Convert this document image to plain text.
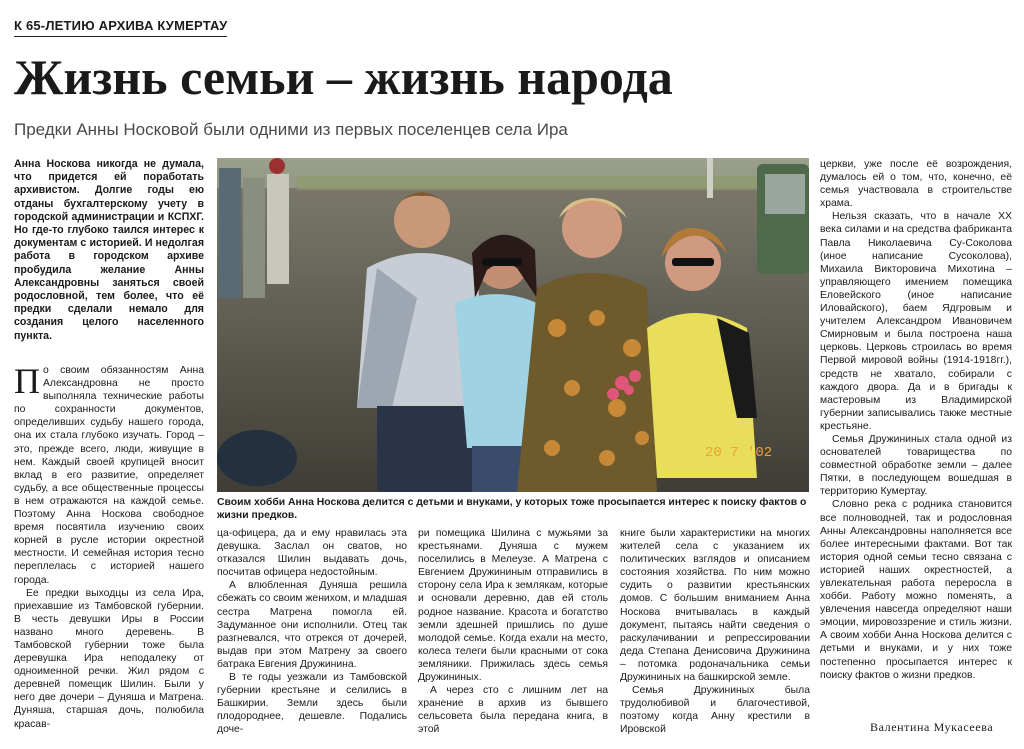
К 65-ЛЕТИЮ АРХИВА КУМЕРТАУ
Жизнь семьи – жизнь народа
Предки Анны Носковой были одними из первых поселенцев села Ира

Анна Носкова никогда не думала, что придется ей поработать архивистом. Долгие годы ею отданы бухгалтерскому учету в городской администрации и КСПХГ. Но где-то глубоко таился интерес к документам с историей. И недолгая работа в городском архиве пробудила желание Анны Александровны заняться своей родословной, тем более, что её предки сделали немало для создания целого населенного пункта.

По своим обязанностям Анна Александровна не просто выполняла технические работы по сохранности документов, определивших судьбу нашего города, она их стала глубоко изучать. Город – это, прежде всего, люди, живущие в нем. Каждый своей крупицей вносит вклад в его развитие, определяет судьбу, а все общественные процессы в нем отражаются на каждой семье. Поэтому Анна Носкова свободное время посвятила изучению своих корней в русле истории окрестной местности. И семейная история тесно переплелась с историей нашего города.

Ее предки выходцы из села Ира, приехавшие из Тамбовской губернии. В честь девушки Иры в России названо много деревень. В Тамбовской губернии тоже была деревушка Ира неподалеку от одноименной речки. Жил рядом с деревней помещик Шилин. Были у него две дочери – Дуняша и Матрена. Дуняша, старшая дочь, полюбила красав-

20 7 '02
Своим хобби Анна Носкова делится с детьми и внуками, у которых тоже просыпается интерес к поиску фактов о жизни предков.

ца-офицера, да и ему нравилась эта девушка. Заслал он сватов, но отказался Шилин выдавать дочь, посчитав офицера недостойным.

А влюбленная Дуняша решила сбежать со своим женихом, и младшая сестра Матрена помогла ей. Задуманное они исполнили. Отец так разгневался, что отрекся от дочерей, выдав при этом Матрену за своего батрака Евгения Дружинина.

В те годы уезжали из Тамбовской губернии крестьяне и селились в Башкирии. Земли здесь были плодороднее, дешевле. Подались доче-

ри помещика Шилина с мужьями за крестьянами. Дуняша с мужем поселились в Мелеузе. А Матрена с Евгением Дружининым отправились в сторону села Ира к землякам, которые и основали деревню, дав ей столь родное название. Красота и богатство земли здешней пришлись по душе молодой семье. Когда ехали на место, колеса телеги были красными от сока земляники. Прижилась здесь семья Дружининых.

А через сто с лишним лет на хранение в архив из бывшего сельсовета была передана книга, в этой

книге были характеристики на многих жителей села с указанием их политических взглядов и описанием состояния хозяйства. По ним можно судить о развитии крестьянских домов. С большим вниманием Анна Носкова вчитывалась в каждый документ, пытаясь найти сведения о раскулачивании и репрессировании деда Степана Денисовича Дружинина – потомка родоначальника семьи Дружининых на башкирской земле.

Семья Дружининых была трудолюбивой и благочестивой, поэтому когда Анну крестили в Ировской

церкви, уже после её возрождения, думалось ей о том, что, конечно, её семья участвовала в строительстве храма.

Нельзя сказать, что в начале XX века силами и на средства фабриканта Павла Николаевича Су-Соколова (иное написание Сусоколова), Михаила Викторовича Михотина – управляющего имением помещика Еловейского (иное написание Иловайского), баем Ядгровым и учителем Александром Ивановичем Смирновым и была построена наша церковь. Церковь строилась во время Первой мировой войны (1914-1918гг.), средств не хватало, собирали с каждого двора. Да и в бригады к мастеровым из Владимирской губернии записывались также местные крестьяне.

Семья Дружининых стала одной из основателей товарищества по совместной обработке земли – далее Пятки, в последующем вошедшая в территорию Кумертау.

Словно река с родника становится все полноводней, так и родословная Анны Александровны наполняется все более интересными фактами. Вот так история одной семьи тесно связана с историей наших окрестностей, а увлекательная работа переросла в хобби. Работу можно поменять, а увлечения навсегда определяют наши эмоции, мировоззрение и стиль жизни. А своим хобби Анна Носкова делится с детьми и внуками, и у них тоже постепенно просыпается интерес к поиску фактов о жизни предков.

Валентина Мукасеева
